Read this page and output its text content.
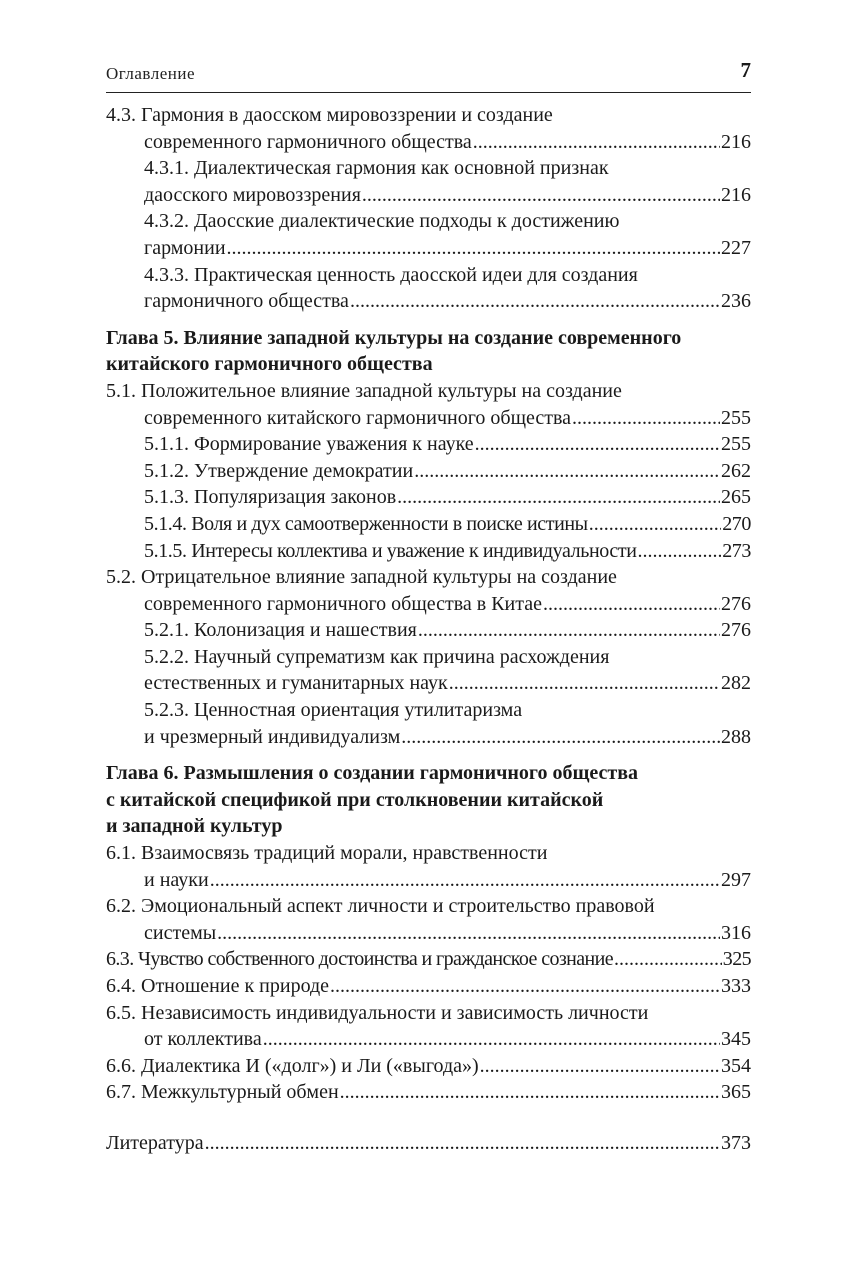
Оглавление	7
4.3. Гармония в даосском мировоззрении и создание
современного гармоничного общества .....	216
4.3.1. Диалектическая гармония как основной признак
даосского мировоззрения .....	216
4.3.2. Даосские диалектические подходы к достижению
гармонии .....	227
4.3.3. Практическая ценность даосской идеи для создания
гармоничного общества .....	236
Глава 5. Влияние западной культуры на создание современного
китайского гармоничного общества
5.1. Положительное влияние западной культуры на создание
современного китайского гармоничного общества .....	255
5.1.1. Формирование уважения к науке .....	255
5.1.2. Утверждение демократии .....	262
5.1.3. Популяризация законов .....	265
5.1.4. Воля и дух самоотверженности в поиске истины .....	270
5.1.5. Интересы коллектива и уважение к индивидуальности .....	273
5.2. Отрицательное влияние западной культуры на создание
современного гармоничного общества в Китае .....	276
5.2.1. Колонизация и нашествия .....	276
5.2.2. Научный супрематизм как причина расхождения
естественных и гуманитарных наук .....	282
5.2.3. Ценностная ориентация утилитаризма
и чрезмерный индивидуализм .....	288
Глава 6. Размышления о создании гармоничного общества
с китайской спецификой при столкновении китайской
и западной культур
6.1. Взаимосвязь традиций морали, нравственности
и науки .....	297
6.2. Эмоциональный аспект личности и строительство правовой
системы .....	316
6.3. Чувство собственного достоинства и гражданское сознание .....	325
6.4. Отношение к природе .....	333
6.5. Независимость индивидуальности и зависимость личности
от коллектива .....	345
6.6. Диалектика И («долг») и Ли («выгода») .....	354
6.7. Межкультурный обмен .....	365
Литература .....	373
